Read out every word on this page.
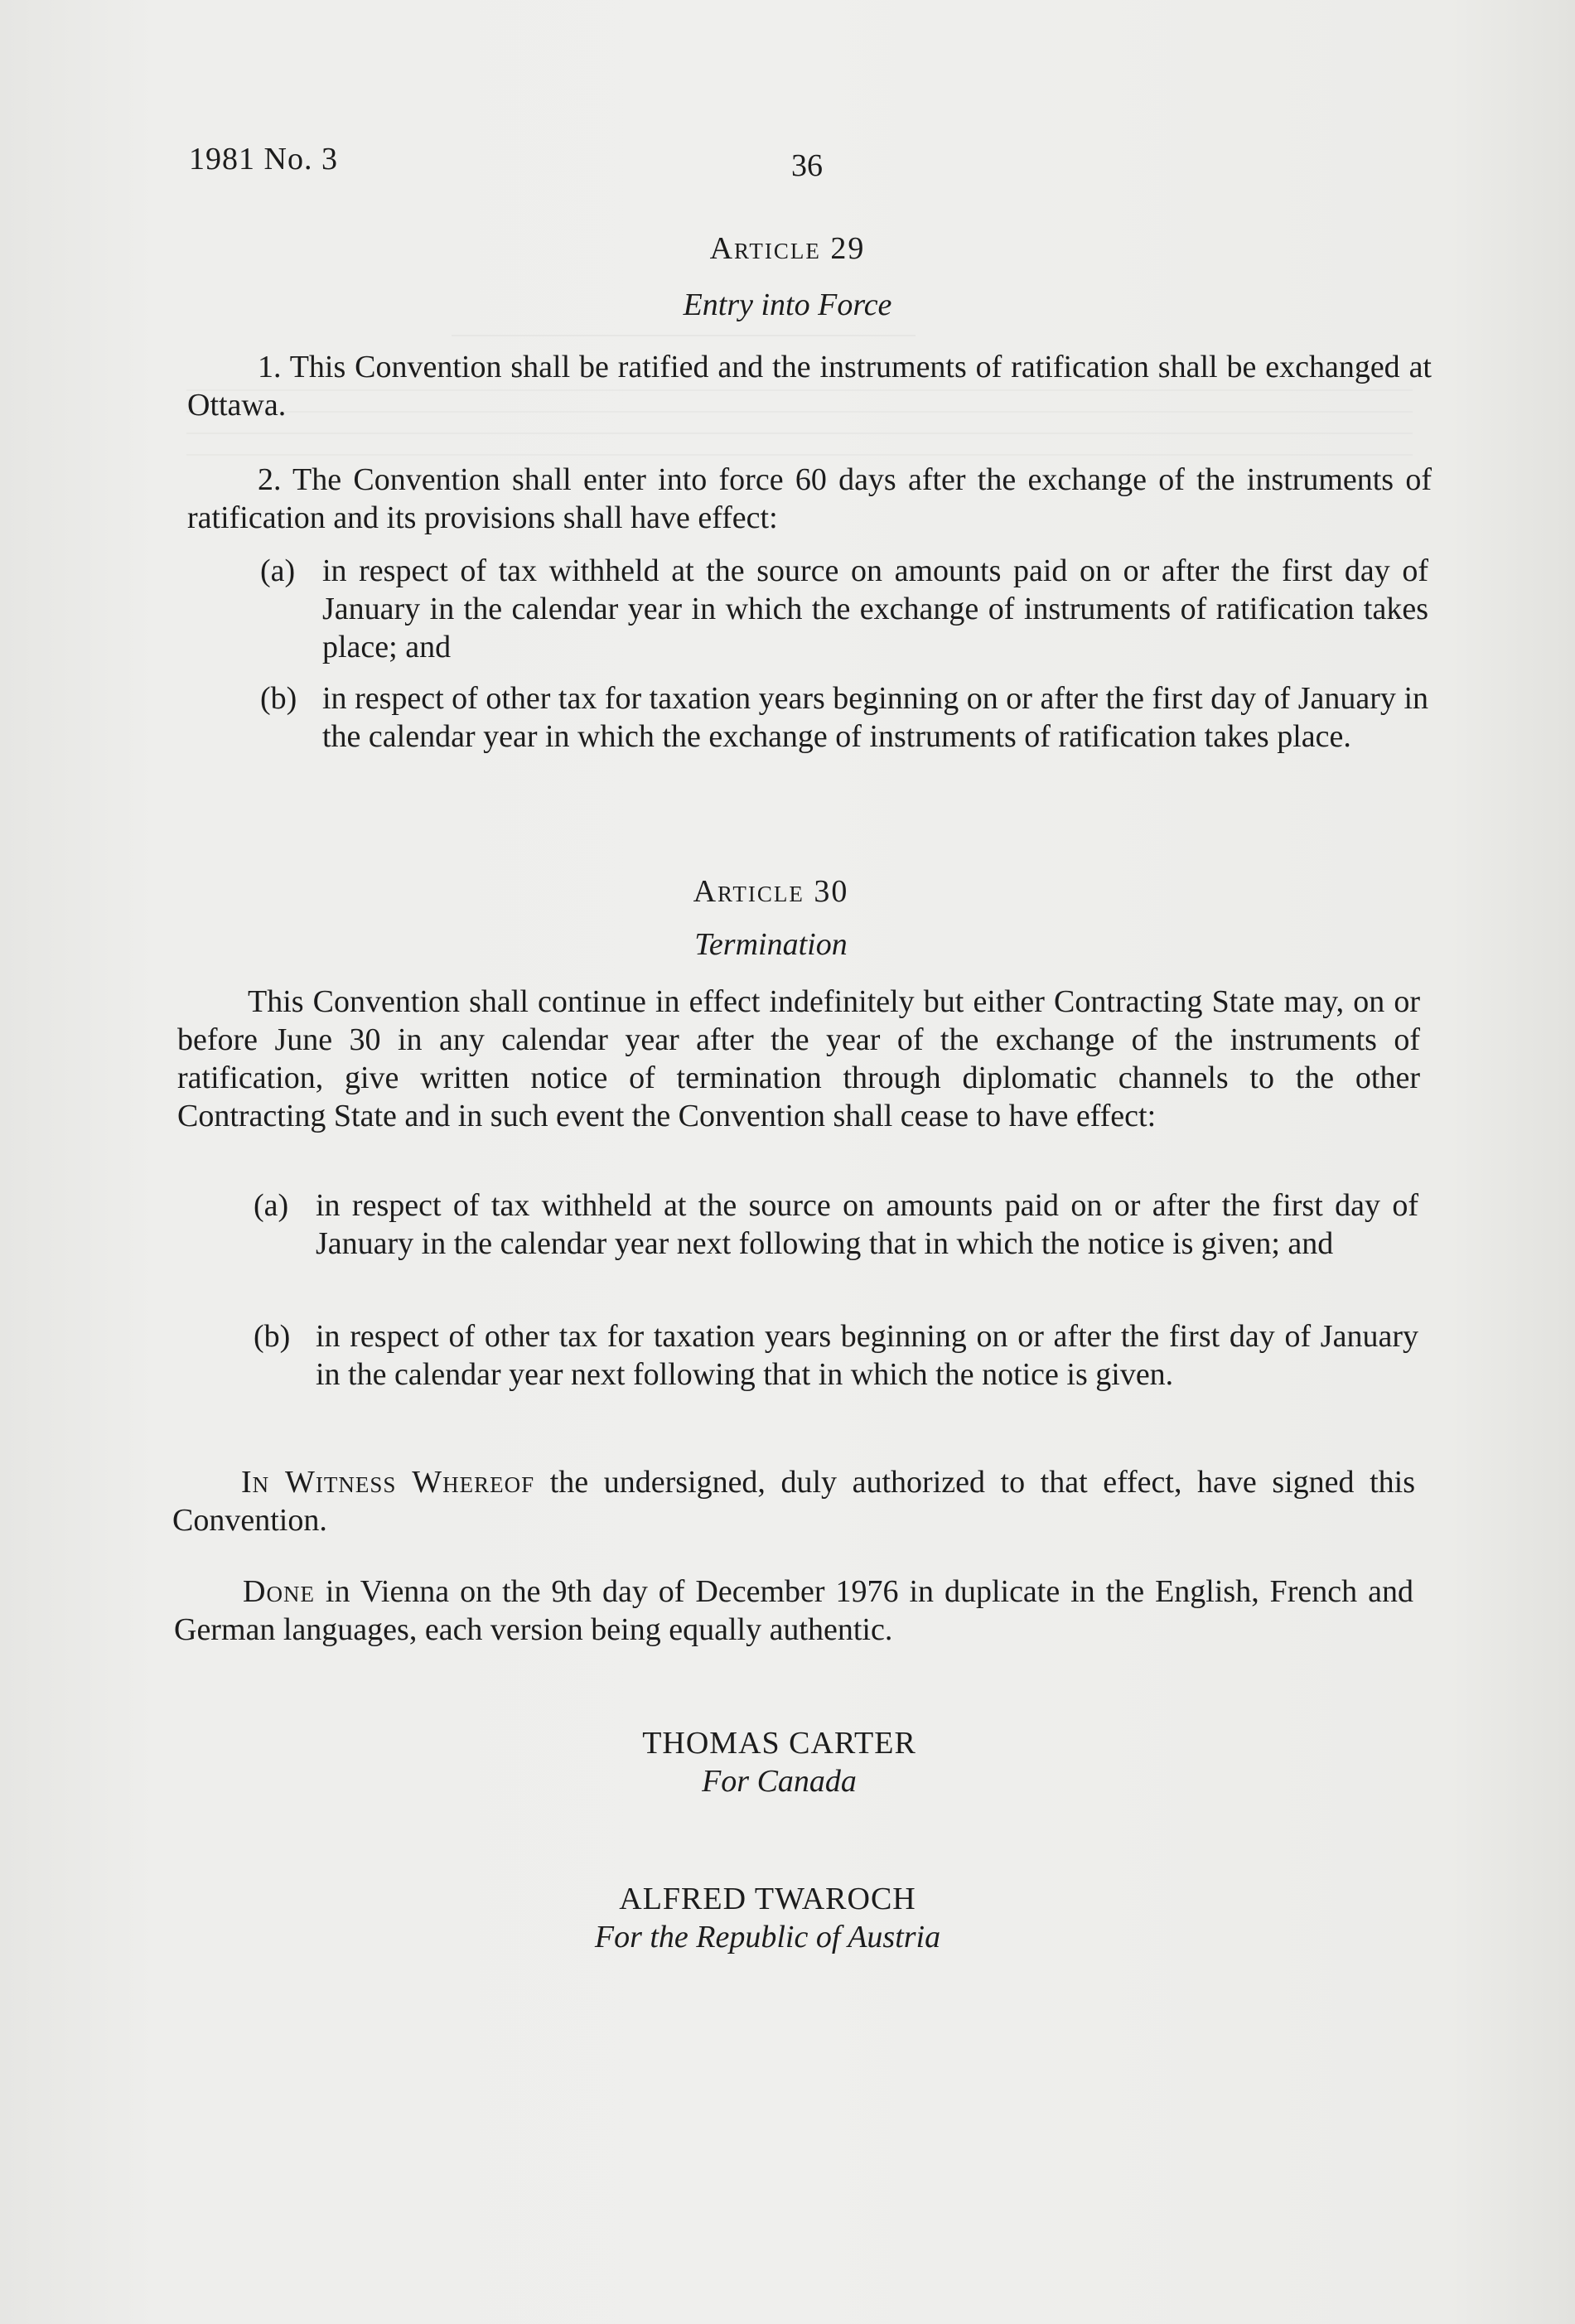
1981 No. 3	36
Article 29
Entry into Force
1. This Convention shall be ratified and the instruments of ratification shall be exchanged at Ottawa.
2. The Convention shall enter into force 60 days after the exchange of the instruments of ratification and its provisions shall have effect:
(a) in respect of tax withheld at the source on amounts paid on or after the first day of January in the calendar year in which the exchange of instruments of ratification takes place; and
(b) in respect of other tax for taxation years beginning on or after the first day of January in the calendar year in which the exchange of instruments of ratification takes place.
Article 30
Termination
This Convention shall continue in effect indefinitely but either Contracting State may, on or before June 30 in any calendar year after the year of the exchange of the instruments of ratification, give written notice of termination through diplomatic channels to the other Contracting State and in such event the Convention shall cease to have effect:
(a) in respect of tax withheld at the source on amounts paid on or after the first day of January in the calendar year next following that in which the notice is given; and
(b) in respect of other tax for taxation years beginning on or after the first day of January in the calendar year next following that in which the notice is given.
In Witness Whereof the undersigned, duly authorized to that effect, have signed this Convention.
Done in Vienna on the 9th day of December 1976 in duplicate in the English, French and German languages, each version being equally authentic.
THOMAS CARTER
For Canada
ALFRED TWAROCH
For the Republic of Austria
